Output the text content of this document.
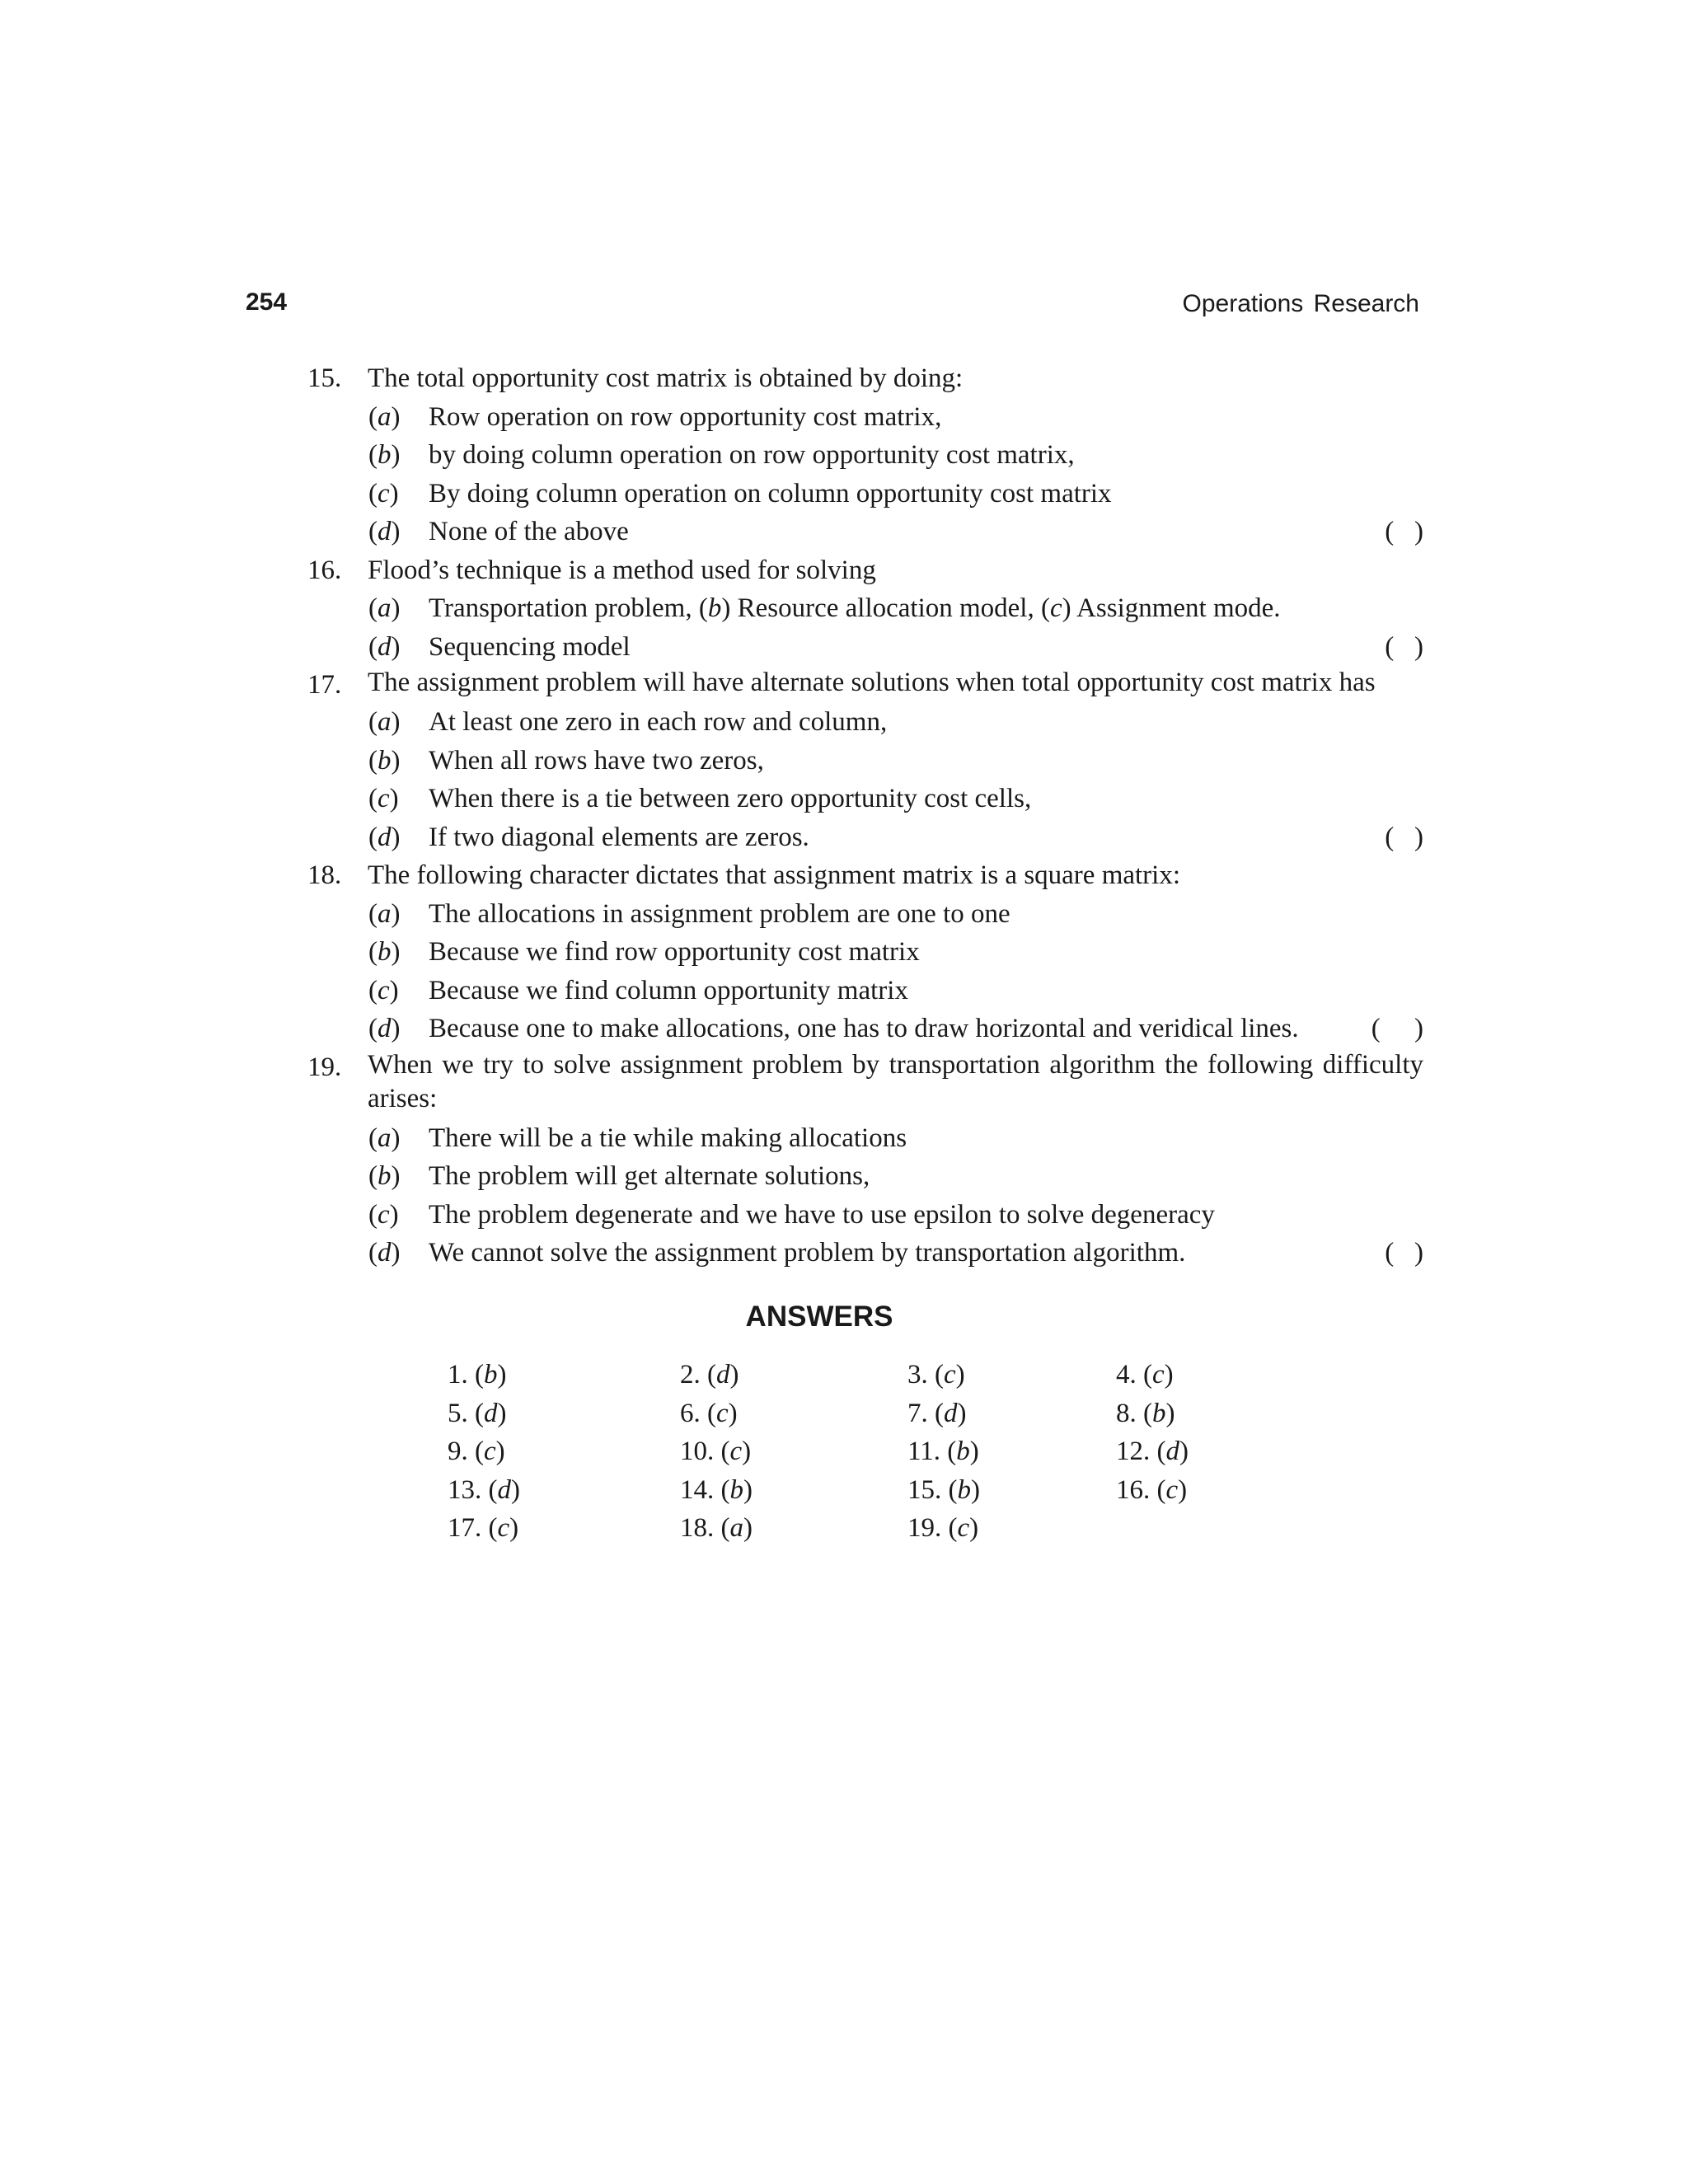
254	Operations Research
15. The total opportunity cost matrix is obtained by doing:
(a) Row operation on row opportunity cost matrix,
(b) by doing column operation on row opportunity cost matrix,
(c) By doing column operation on column opportunity cost matrix
(d) None of the above	(   )
16. Flood’s technique is a method used for solving
(a) Transportation problem, (b) Resource allocation model, (c) Assignment mode.
(d) Sequencing model	(   )
17. The assignment problem will have alternate solutions when total opportunity cost matrix has
(a) At least one zero in each row and column,
(b) When all rows have two zeros,
(c) When there is a tie between zero opportunity cost cells,
(d) If two diagonal elements are zeros.	(   )
18. The following character dictates that assignment matrix is a square matrix:
(a) The allocations in assignment problem are one to one
(b) Because we find row opportunity cost matrix
(c) Because we find column opportunity matrix
(d) Because one to make allocations, one has to draw horizontal and veridical lines.	(     )
19. When we try to solve assignment problem by transportation algorithm the following difficulty arises:
(a) There will be a tie while making allocations
(b) The problem will get alternate solutions,
(c) The problem degenerate and we have to use epsilon to solve degeneracy
(d) We cannot solve the assignment problem by transportation algorithm.	(   )
ANSWERS
1. (b)	2. (d)	3. (c)	4. (c)
5. (d)	6. (c)	7. (d)	8. (b)
9. (c)	10. (c)	11. (b)	12. (d)
13. (d)	14. (b)	15. (b)	16. (c)
17. (c)	18. (a)	19. (c)
